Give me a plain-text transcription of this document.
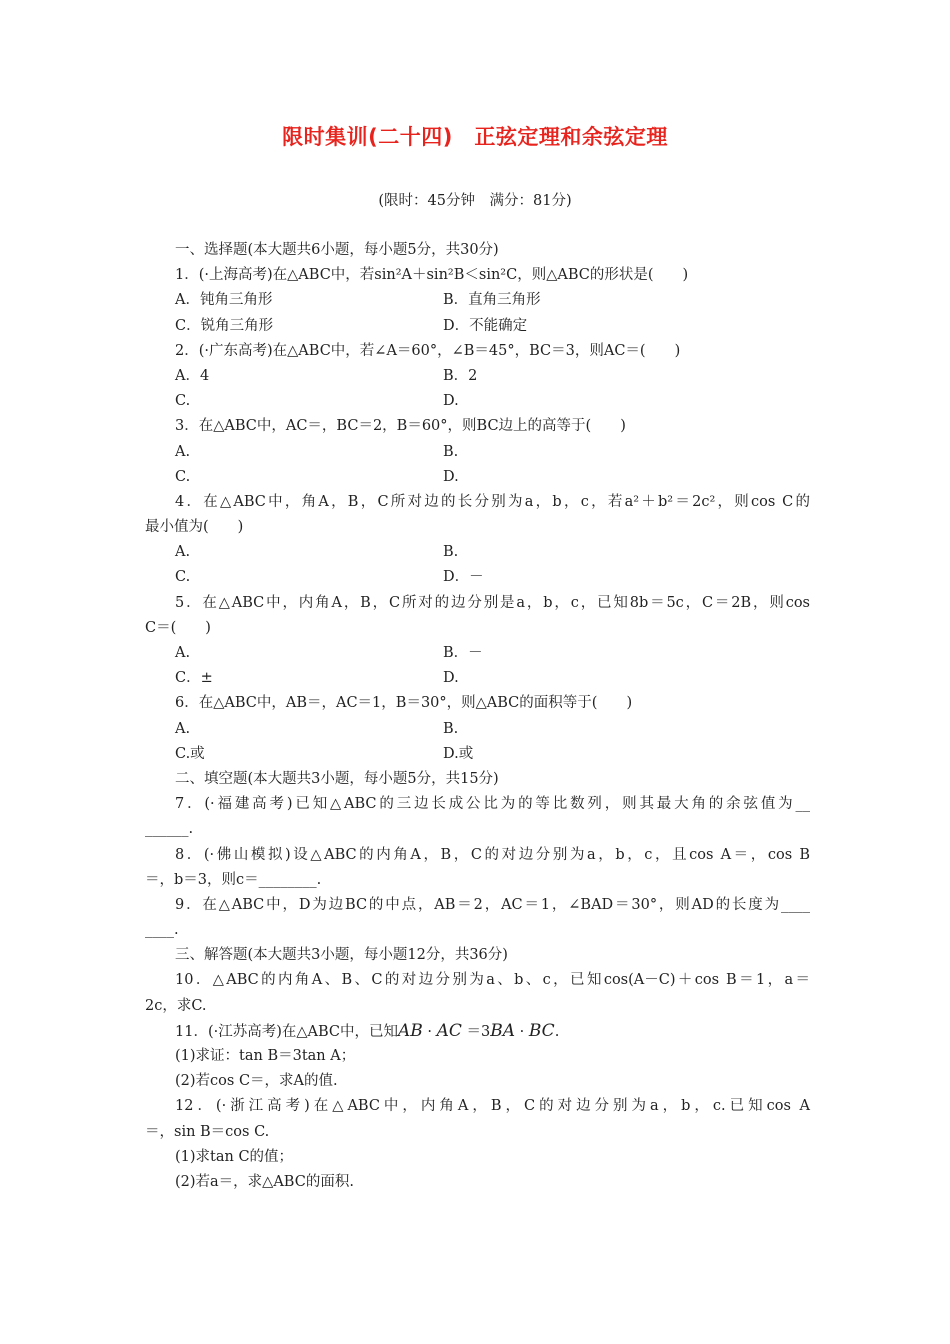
限时集训(二十四)　正弦定理和余弦定理
(限时：45分钟　满分：81分)
一、选择题(本大题共6小题，每小题5分，共30分)
1．(·上海高考)在△ABC中，若sin²A＋sin²B＜sin²C，则△ABC的形状是(　　)
A．钝角三角形	B．直角三角形
C．锐角三角形	D．不能确定
2．(·广东高考)在△ABC中，若∠A＝60°，∠B＝45°，BC＝3，则AC＝(　　)
A．4	B．2
C.	D.
3．在△ABC中，AC＝，BC＝2，B＝60°，则BC边上的高等于(　　)
A.	B.
C.	D.
4．在△ABC中，角A，B，C所对边的长分别为a，b，c，若a²＋b²＝2c²，则cos C的
最小值为(　　)
A.	B.
C.	D．－
5．在△ABC中，内角A，B，C所对的边分别是a，b，c，已知8b＝5c，C＝2B，则cos
C＝(　　)
A.	B．－
C．±	D.
6．在△ABC中，AB＝，AC＝1，B＝30°，则△ABC的面积等于(　　)
A.	B.
C.或	D.或
二、填空题(本大题共3小题，每小题5分，共15分)
7．(·福建高考)已知△ABC的三边长成公比为的等比数列，则其最大角的余弦值为__
______.
8．(·佛山模拟)设△ABC的内角A，B，C的对边分别为a，b，c，且cos A＝，cos B
＝，b＝3，则c＝________.
9．在△ABC中，D为边BC的中点，AB＝2，AC＝1，∠BAD＝30°，则AD的长度为____
____.
三、解答题(本大题共3小题，每小题12分，共36分)
10．△ABC的内角A、B、C的对边分别为a、b、c，已知cos(A－C)＋cos B＝1，a＝
2c，求C.
11．(·江苏高考)在△ABC中，已知AB · AC ＝3BA · BC.
(1)求证：tan B＝3tan A；
(2)若cos C＝，求A的值.
12．(·浙江高考)在△ABC中，内角A，B，C的对边分别为a，b，c.已知cos A
＝，sin B＝cos C.
(1)求tan C的值；
(2)若a＝，求△ABC的面积.
